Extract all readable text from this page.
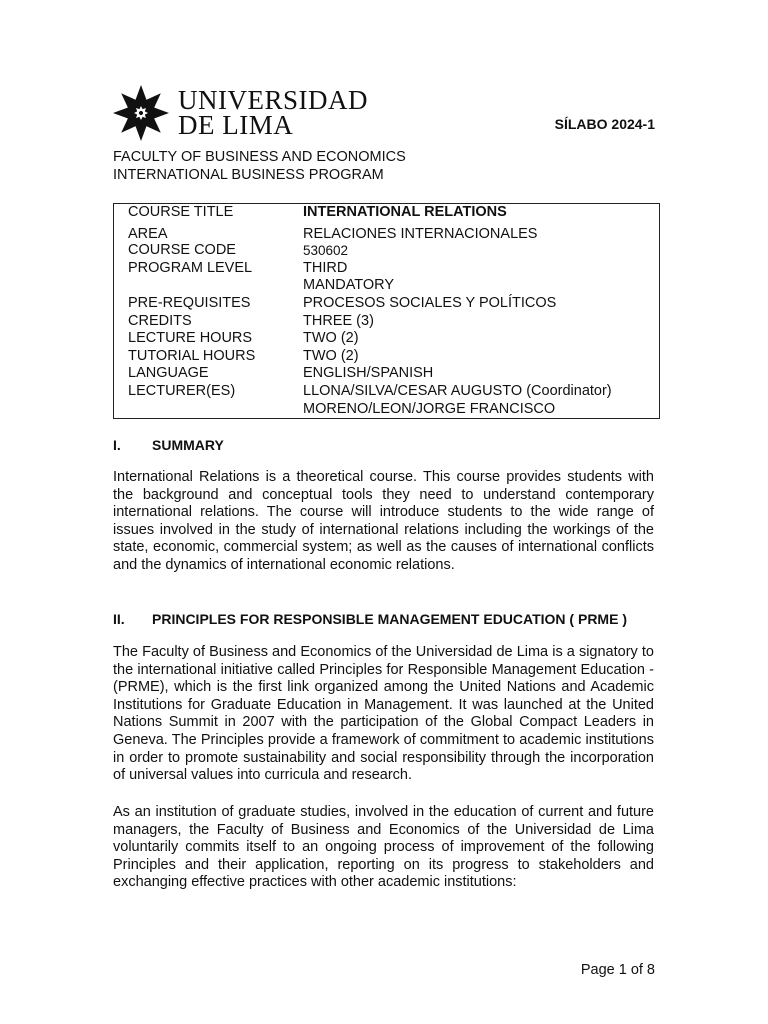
UNIVERSIDAD
DE LIMA	SÍLABO 2024-1
FACULTY OF BUSINESS AND ECONOMICS
INTERNATIONAL BUSINESS PROGRAM
COURSE TITLE	INTERNATIONAL RELATIONS
AREA	RELACIONES INTERNACIONALES
COURSE CODE	530602
PROGRAM LEVEL	THIRD
MANDATORY
PRE-REQUISITES	PROCESOS SOCIALES Y POLÍTICOS
CREDITS	THREE (3)
LECTURE HOURS	TWO (2)
TUTORIAL HOURS	TWO (2)
LANGUAGE	ENGLISH/SPANISH
LECTURER(ES)	LLONA/SILVA/CESAR AUGUSTO (Coordinator)
MORENO/LEON/JORGE FRANCISCO
I. SUMMARY
International Relations is a theoretical course. This course provides students with the background and conceptual tools they need to understand contemporary international relations. The course will introduce students to the wide range of issues involved in the study of international relations including the workings of the state, economic, commercial system; as well as the causes of international conflicts and the dynamics of international economic relations.
II. PRINCIPLES FOR RESPONSIBLE MANAGEMENT EDUCATION ( PRME )
The Faculty of Business and Economics of the Universidad de Lima is a signatory to the international initiative called Principles for Responsible Management Education - (PRME), which is the first link organized among the United Nations and Academic Institutions for Graduate Education in Management. It was launched at the United Nations Summit in 2007 with the participation of the Global Compact Leaders in Geneva. The Principles provide a framework of commitment to academic institutions in order to promote sustainability and social responsibility through the incorporation of universal values into curricula and research.
As an institution of graduate studies, involved in the education of current and future managers, the Faculty of Business and Economics of the Universidad de Lima voluntarily commits itself to an ongoing process of improvement of the following Principles and their application, reporting on its progress to stakeholders and exchanging effective practices with other academic institutions:
Page 1 of 8
